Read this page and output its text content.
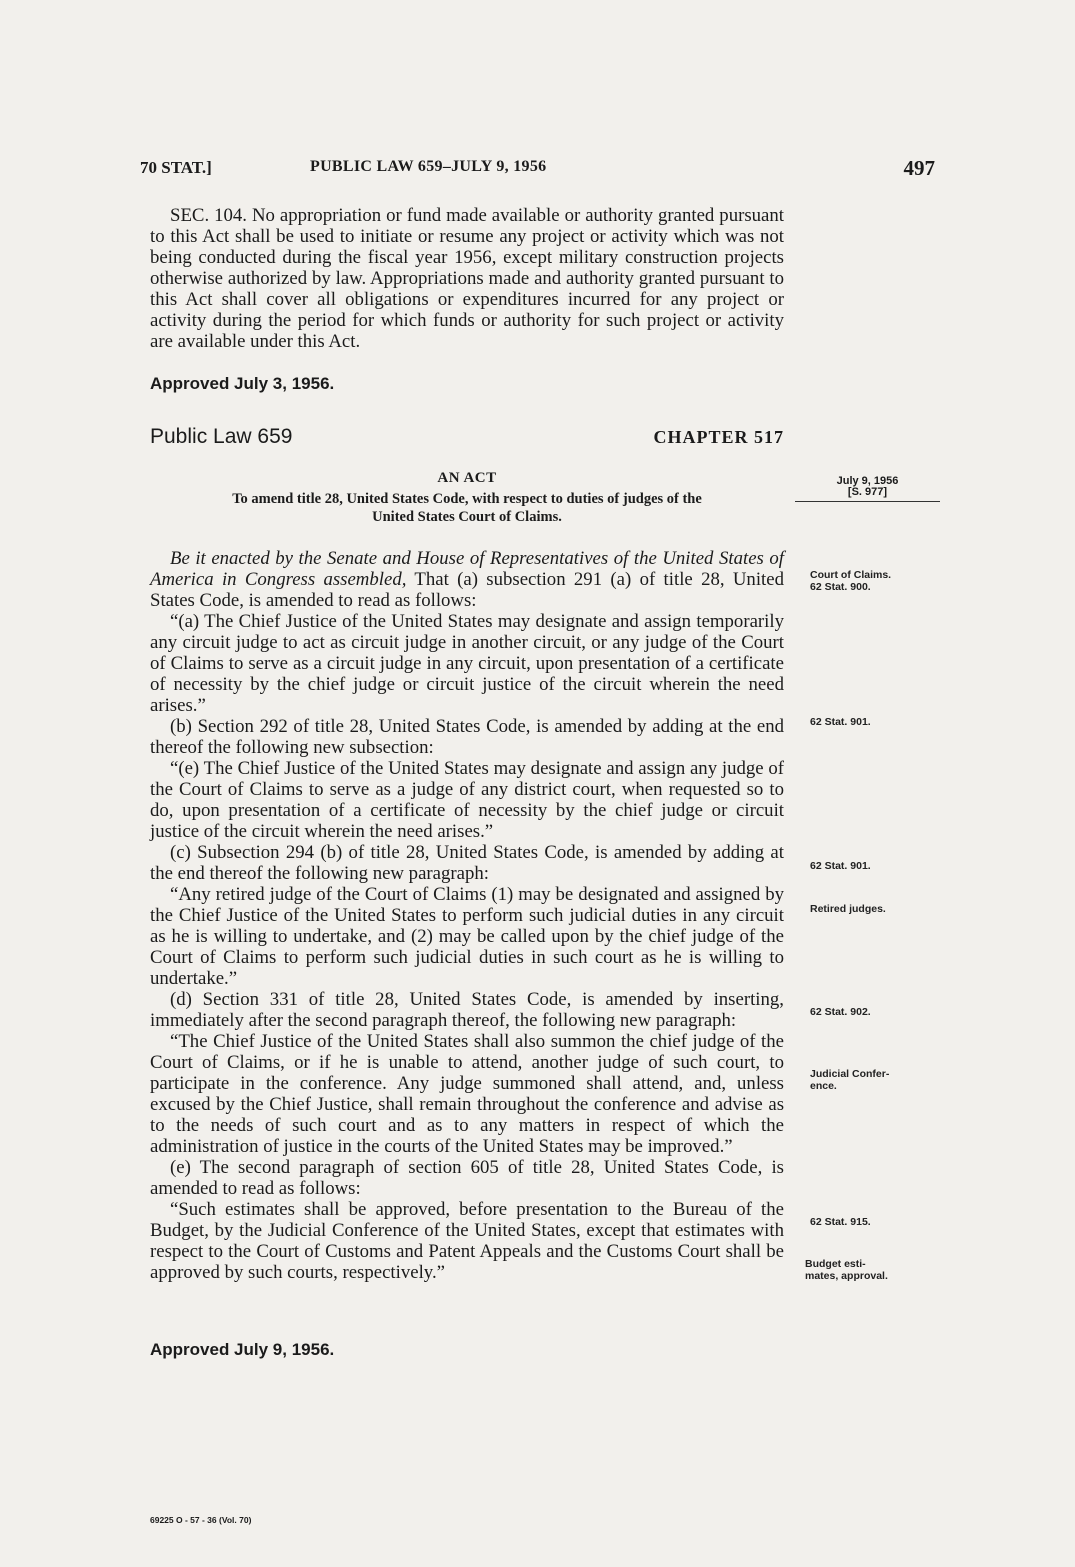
70 STAT.]	PUBLIC LAW 659–JULY 9, 1956	497

SEC. 104. No appropriation or fund made available or authority granted pursuant to this Act shall be used to initiate or resume any project or activity which was not being conducted during the fiscal year 1956, except military construction projects otherwise authorized by law. Appropriations made and authority granted pursuant to this Act shall cover all obligations or expenditures incurred for any project or activity during the period for which funds or authority for such project or activity are available under this Act.

Approved July 3, 1956.
Public Law 659	CHAPTER 517
AN ACT
To amend title 28, United States Code, with respect to duties of judges of the
United States Court of Claims.

Be it enacted by the Senate and House of Representatives of the United States of America in Congress assembled, That (a) subsection 291 (a) of title 28, United States Code, is amended to read as follows:

“(a) The Chief Justice of the United States may designate and assign temporarily any circuit judge to act as circuit judge in another circuit, or any judge of the Court of Claims to serve as a circuit judge in any circuit, upon presentation of a certificate of necessity by the chief judge or circuit justice of the circuit wherein the need arises.”

(b) Section 292 of title 28, United States Code, is amended by adding at the end thereof the following new subsection:

“(e) The Chief Justice of the United States may designate and assign any judge of the Court of Claims to serve as a judge of any district court, when requested so to do, upon presentation of a certificate of necessity by the chief judge or circuit justice of the circuit wherein the need arises.”

(c) Subsection 294 (b) of title 28, United States Code, is amended by adding at the end thereof the following new paragraph:

“Any retired judge of the Court of Claims (1) may be designated and assigned by the Chief Justice of the United States to perform such judicial duties in any circuit as he is willing to undertake, and (2) may be called upon by the chief judge of the Court of Claims to perform such judicial duties in such court as he is willing to undertake.”

(d) Section 331 of title 28, United States Code, is amended by inserting, immediately after the second paragraph thereof, the following new paragraph:

“The Chief Justice of the United States shall also summon the chief judge of the Court of Claims, or if he is unable to attend, another judge of such court, to participate in the conference. Any judge summoned shall attend, and, unless excused by the Chief Justice, shall remain throughout the conference and advise as to the needs of such court and as to any matters in respect of which the administration of justice in the courts of the United States may be improved.”

(e) The second paragraph of section 605 of title 28, United States Code, is amended to read as follows:

“Such estimates shall be approved, before presentation to the Bureau of the Budget, by the Judicial Conference of the United States, except that estimates with respect to the Court of Customs and Patent Appeals and the Customs Court shall be approved by such courts, respectively.”

Approved July 9, 1956.
July 9, 1956
[S. 977]
Court of Claims.
62 Stat. 900.
62 Stat. 901.
62 Stat. 901.
Retired judges.
62 Stat. 902.
Judicial Confer-
ence.
62 Stat. 915.
Budget esti-
mates, approval.
69225 O - 57 - 36 (Vol. 70)
